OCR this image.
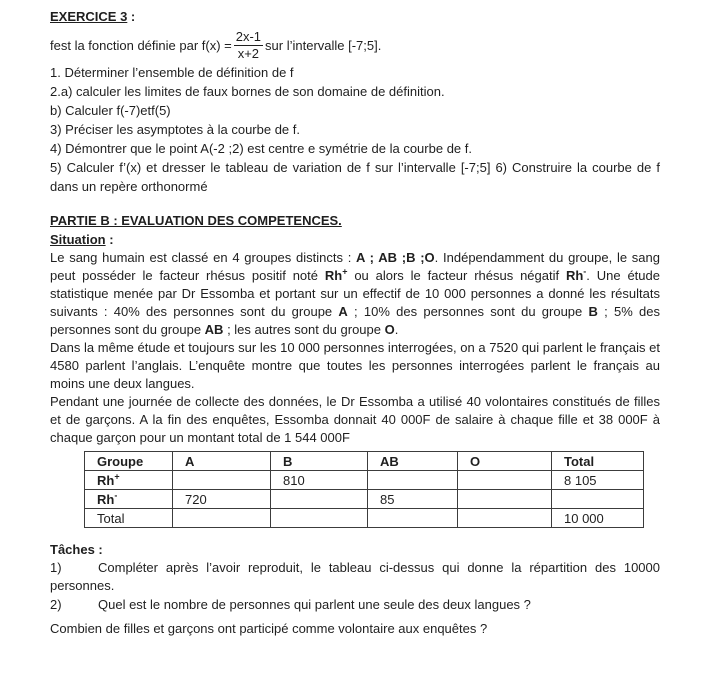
EXERCICE 3 :
fest la fonction définie par $f(x) = \frac{2x-1}{x+2}$ sur l’intervalle [-7;5].
1. Déterminer l’ensemble de définition de f
2.a) calculer les limites de faux bornes de son domaine de définition.
b) Calculer f(-7)etf(5)
3) Préciser les asymptotes à la courbe de f.
4) Démontrer que le point A(-2 ;2) est centre e symétrie de la courbe de f.
5) Calculer f’(x) et dresser le tableau de variation de f sur l’intervalle [-7;5] 6) Construire la courbe de f dans un repère orthonormé
PARTIE B : EVALUATION DES COMPETENCES.
Situation :

Le sang humain est classé en 4 groupes distincts : A ; AB ;B ;O. Indépendamment du groupe, le sang peut posséder le facteur rhésus positif noté Rh+ ou alors le facteur rhésus négatif Rh-. Une étude statistique menée par Dr Essomba et portant sur un effectif de 10 000 personnes a donné les résultats suivants : 40% des personnes sont du groupe A ; 10% des personnes sont du groupe B ; 5% des personnes sont du groupe AB ; les autres sont du groupe O.

Dans la même étude et toujours sur les 10 000 personnes interrogées, on a 7520 qui parlent le français et 4580 parlent l’anglais. L’enquête montre que toutes les personnes interrogées parlent le français au moins une deux langues.

Pendant une journée de collecte des données, le Dr Essomba a utilisé 40 volontaires constitués de filles et de garçons. A la fin des enquêtes, Essomba donnait 40 000F de salaire à chaque fille et 38 000F à chaque garçon pour un montant total de 1 544 000F

Groupe	A	B	AB	O	Total
Rh+		810			8 105
Rh-	720		85		
Total					10 000
Tâches :

1)	Compléter après l’avoir reproduit, le tableau ci-dessus qui donne la répartition des 10000 personnes.

2)	Quel est le nombre de personnes qui parlent une seule des deux langues ?

Combien de filles et garçons ont participé comme volontaire aux enquêtes ?
